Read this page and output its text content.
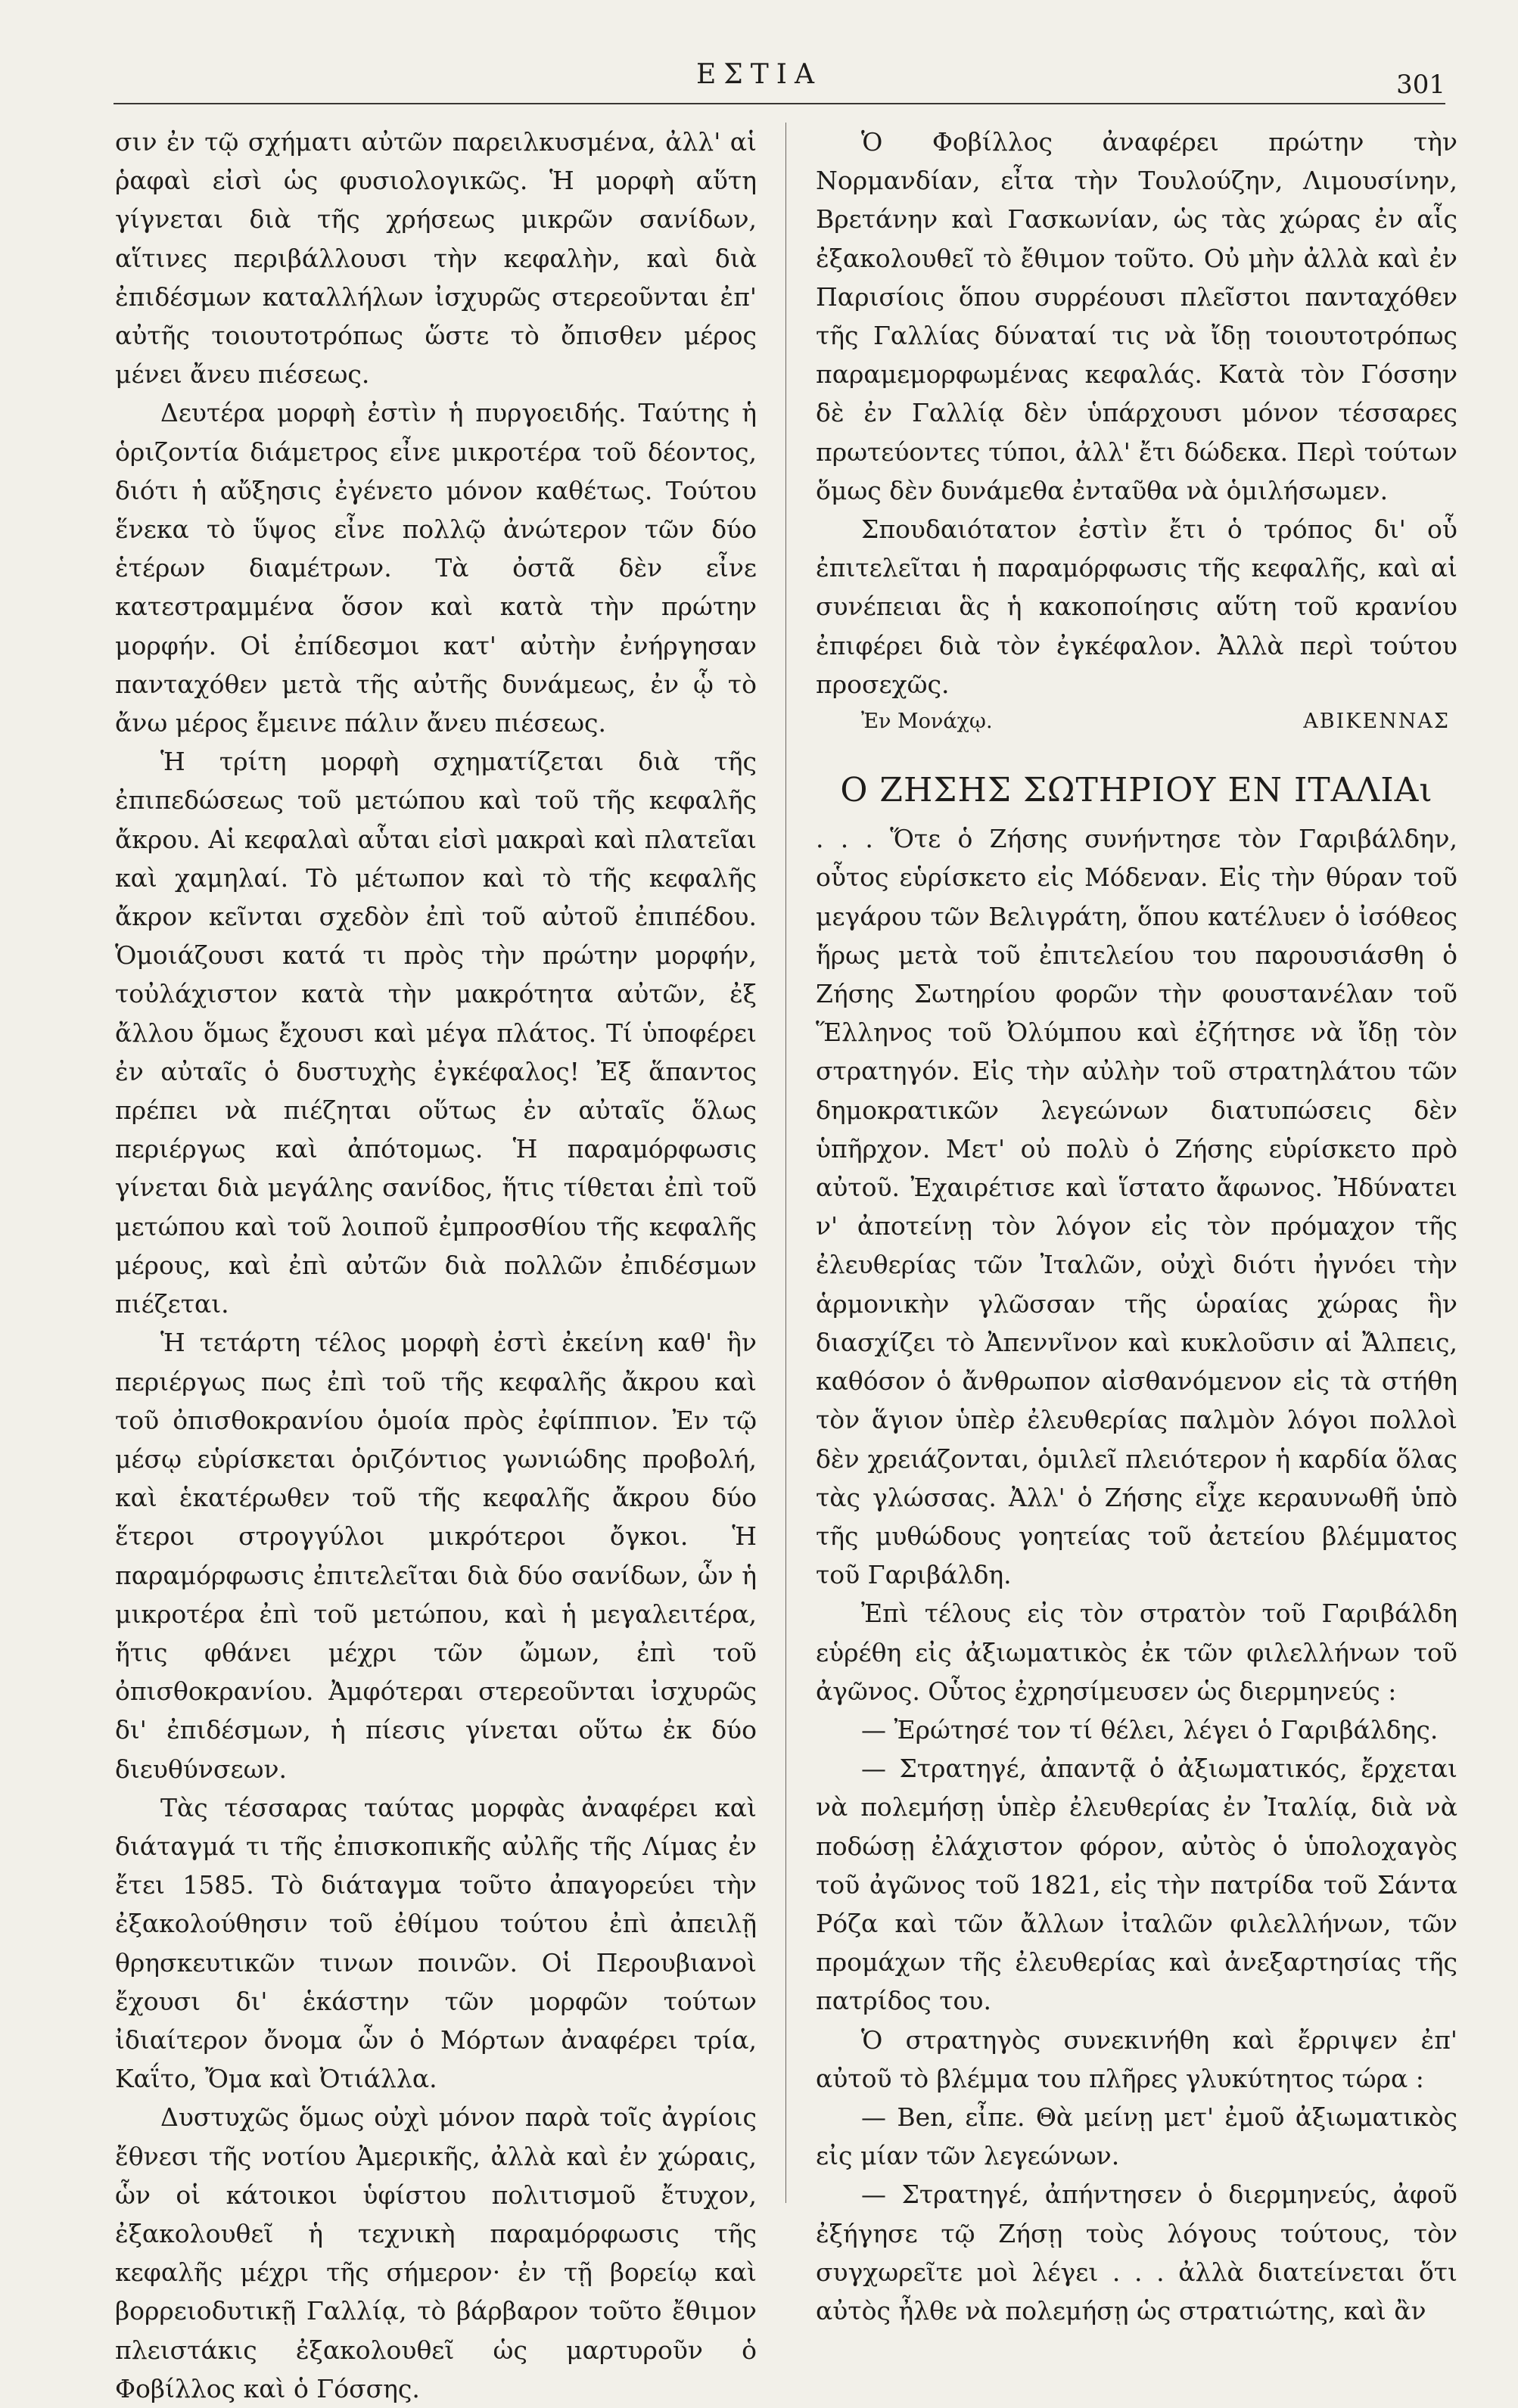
ΕΣΤΙΑ	301

σιν ἐν τῷ σχήματι αὐτῶν παρειλκυσμένα, ἀλλ' αἱ ῥαφαὶ εἰσὶ ὡς φυσιολογικῶς. Ἡ μορφὴ αὕτη γίγνεται διὰ τῆς χρήσεως μικρῶν σανίδων, αἵτινες περιβάλλουσι τὴν κεφαλὴν, καὶ διὰ ἐπιδέσμων καταλλήλων ἰσχυρῶς στερεοῦνται ἐπ' αὐτῆς τοιουτοτρόπως ὥστε τὸ ὄπισθεν μέρος μένει ἄνευ πιέσεως.

Δευτέρα μορφὴ ἐστὶν ἡ πυργοειδής. Ταύτης ἡ ὁριζοντία διάμετρος εἶνε μικροτέρα τοῦ δέοντος, διότι ἡ αὔξησις ἐγένετο μόνον καθέτως. Τούτου ἕνεκα τὸ ὕψος εἶνε πολλῷ ἀνώτερον τῶν δύο ἑτέρων διαμέτρων. Τὰ ὀστᾶ δὲν εἶνε κατεστραμμένα ὅσον καὶ κατὰ τὴν πρώτην μορφήν. Οἱ ἐπίδεσμοι κατ' αὐτὴν ἐνήργησαν πανταχόθεν μετὰ τῆς αὐτῆς δυνάμεως, ἐν ᾧ τὸ ἄνω μέρος ἔμεινε πάλιν ἄνευ πιέσεως.

Ἡ τρίτη μορφὴ σχηματίζεται διὰ τῆς ἐπιπεδώσεως τοῦ μετώπου καὶ τοῦ τῆς κεφαλῆς ἄκρου. Αἱ κεφαλαὶ αὗται εἰσὶ μακραὶ καὶ πλατεῖαι καὶ χαμηλαί. Τὸ μέτωπον καὶ τὸ τῆς κεφαλῆς ἄκρον κεῖνται σχεδὸν ἐπὶ τοῦ αὐτοῦ ἐπιπέδου. Ὁμοιάζουσι κατά τι πρὸς τὴν πρώτην μορφήν, τοὐλάχιστον κατὰ τὴν μακρότητα αὐτῶν, ἐξ ἄλλου ὅμως ἔχουσι καὶ μέγα πλάτος. Τί ὑποφέρει ἐν αὐταῖς ὁ δυστυχὴς ἐγκέφαλος! Ἐξ ἅπαντος πρέπει νὰ πιέζηται οὕτως ἐν αὐταῖς ὅλως περιέργως καὶ ἀπότομως. Ἡ παραμόρφωσις γίνεται διὰ μεγάλης σανίδος, ἥτις τίθεται ἐπὶ τοῦ μετώπου καὶ τοῦ λοιποῦ ἐμπροσθίου τῆς κεφαλῆς μέρους, καὶ ἐπὶ αὐτῶν διὰ πολλῶν ἐπιδέσμων πιέζεται.

Ἡ τετάρτη τέλος μορφὴ ἐστὶ ἐκείνη καθ' ἣν περιέργως πως ἐπὶ τοῦ τῆς κεφαλῆς ἄκρου καὶ τοῦ ὀπισθοκρανίου ὁμοία πρὸς ἐφίππιον. Ἐν τῷ μέσῳ εὑρίσκεται ὁριζόντιος γωνιώδης προβολή, καὶ ἑκατέρωθεν τοῦ τῆς κεφαλῆς ἄκρου δύο ἕτεροι στρογγύλοι μικρότεροι ὄγκοι. Ἡ παραμόρφωσις ἐπιτελεῖται διὰ δύο σανίδων, ὧν ἡ μικροτέρα ἐπὶ τοῦ μετώπου, καὶ ἡ μεγαλειτέρα, ἥτις φθάνει μέχρι τῶν ὤμων, ἐπὶ τοῦ ὀπισθοκρανίου. Ἀμφότεραι στερεοῦνται ἰσχυρῶς δι' ἐπιδέσμων, ἡ πίεσις γίνεται οὕτω ἐκ δύο διευθύνσεων.

Τὰς τέσσαρας ταύτας μορφὰς ἀναφέρει καὶ διάταγμά τι τῆς ἐπισκοπικῆς αὐλῆς τῆς Λίμας ἐν ἔτει 1585. Τὸ διάταγμα τοῦτο ἀπαγορεύει τὴν ἐξακολούθησιν τοῦ ἐθίμου τούτου ἐπὶ ἀπειλῇ θρησκευτικῶν τινων ποινῶν. Οἱ Περουβιανοὶ ἔχουσι δι' ἑκάστην τῶν μορφῶν τούτων ἰδιαίτερον ὄνομα ὧν ὁ Μόρτων ἀναφέρει τρία, Καΐτο, Ὄμα καὶ Ὀτιάλλα.

Δυστυχῶς ὅμως οὐχὶ μόνον παρὰ τοῖς ἀγρίοις ἔθνεσι τῆς νοτίου Ἀμερικῆς, ἀλλὰ καὶ ἐν χώραις, ὧν οἱ κάτοικοι ὑφίστου πολιτισμοῦ ἔτυχον, ἐξακολουθεῖ ἡ τεχνικὴ παραμόρφωσις τῆς κεφαλῆς μέχρι τῆς σήμερον· ἐν τῇ βορείῳ καὶ βορρειοδυτικῇ Γαλλίᾳ, τὸ βάρβαρον τοῦτο ἔθιμον πλειστάκις ἐξακολουθεῖ ὡς μαρτυροῦν ὁ Φοβίλλος καὶ ὁ Γόσσης.

Ὁ Φοβίλλος ἀναφέρει πρώτην τὴν Νορμανδίαν, εἶτα τὴν Τουλούζην, Λιμουσίνην, Βρετάνην καὶ Γασκωνίαν, ὡς τὰς χώρας ἐν αἷς ἐξακολουθεῖ τὸ ἔθιμον τοῦτο. Οὐ μὴν ἀλλὰ καὶ ἐν Παρισίοις ὅπου συρρέουσι πλεῖστοι πανταχόθεν τῆς Γαλλίας δύναταί τις νὰ ἴδῃ τοιουτοτρόπως παραμεμορφωμένας κεφαλάς. Κατὰ τὸν Γόσσην δὲ ἐν Γαλλίᾳ δὲν ὑπάρχουσι μόνον τέσσαρες πρωτεύοντες τύποι, ἀλλ' ἔτι δώδεκα. Περὶ τούτων ὅμως δὲν δυνάμεθα ἐνταῦθα νὰ ὁμιλήσωμεν.

Σπουδαιότατον ἐστὶν ἔτι ὁ τρόπος δι' οὗ ἐπιτελεῖται ἡ παραμόρφωσις τῆς κεφαλῆς, καὶ αἱ συνέπειαι ἃς ἡ κακοποίησις αὕτη τοῦ κρανίου ἐπιφέρει διὰ τὸν ἐγκέφαλον. Ἀλλὰ περὶ τούτου προσεχῶς.

Ἐν Μονάχῳ.	ΑΒΙΚΕΝΝΑΣ
Ο ΖΗΣΗΣ ΣΩΤΗΡΙΟΥ ΕΝ ΙΤΑΛΙΑι

. . . Ὅτε ὁ Ζήσης συνήντησε τὸν Γαριβάλδην, οὗτος εὑρίσκετο εἰς Μόδεναν. Εἰς τὴν θύραν τοῦ μεγάρου τῶν Βελιγράτη, ὅπου κατέλυεν ὁ ἰσόθεος ἥρως μετὰ τοῦ ἐπιτελείου του παρουσιάσθη ὁ Ζήσης Σωτηρίου φορῶν τὴν φουστανέλαν τοῦ Ἕλληνος τοῦ Ὀλύμπου καὶ ἐζήτησε νὰ ἴδῃ τὸν στρατηγόν. Εἰς τὴν αὐλὴν τοῦ στρατηλάτου τῶν δημοκρατικῶν λεγεώνων διατυπώσεις δὲν ὑπῆρχον. Μετ' οὐ πολὺ ὁ Ζήσης εὑρίσκετο πρὸ αὐτοῦ. Ἐχαιρέτισε καὶ ἵστατο ἄφωνος. Ἠδύνατει ν' ἀποτείνῃ τὸν λόγον εἰς τὸν πρόμαχον τῆς ἐλευθερίας τῶν Ἰταλῶν, οὐχὶ διότι ἠγνόει τὴν ἁρμονικὴν γλῶσσαν τῆς ὡραίας χώρας ἣν διασχίζει τὸ Ἀπεννῖνον καὶ κυκλοῦσιν αἱ Ἄλπεις, καθόσον ὁ ἄνθρωπον αἰσθανόμενον εἰς τὰ στήθη τὸν ἅγιον ὑπὲρ ἐλευθερίας παλμὸν λόγοι πολλοὶ δὲν χρειάζονται, ὁμιλεῖ πλειότερον ἡ καρδία ὅλας τὰς γλώσσας. Ἀλλ' ὁ Ζήσης εἶχε κεραυνωθῆ ὑπὸ τῆς μυθώδους γοητείας τοῦ ἀετείου βλέμματος τοῦ Γαριβάλδη.

Ἐπὶ τέλους εἰς τὸν στρατὸν τοῦ Γαριβάλδη εὑρέθη εἰς ἀξιωματικὸς ἐκ τῶν φιλελλήνων τοῦ ἀγῶνος. Οὗτος ἐχρησίμευσεν ὡς διερμηνεύς :

— Ἐρώτησέ τον τί θέλει, λέγει ὁ Γαριβάλδης.

— Στρατηγέ, ἀπαντᾷ ὁ ἀξιωματικός, ἔρχεται νὰ πολεμήσῃ ὑπὲρ ἐλευθερίας ἐν Ἰταλίᾳ, διὰ νὰ ποδώσῃ ἐλάχιστον φόρον, αὐτὸς ὁ ὑπολοχαγὸς τοῦ ἀγῶνος τοῦ 1821, εἰς τὴν πατρίδα τοῦ Σάντα Ρόζα καὶ τῶν ἄλλων ἰταλῶν φιλελλήνων, τῶν προμάχων τῆς ἐλευθερίας καὶ ἀνεξαρτησίας τῆς πατρίδος του.

Ὁ στρατηγὸς συνεκινήθη καὶ ἔρριψεν ἐπ' αὐτοῦ τὸ βλέμμα του πλῆρες γλυκύτητος τώρα :

— Ben, εἶπε. Θὰ μείνῃ μετ' ἐμοῦ ἀξιωματικὸς εἰς μίαν τῶν λεγεώνων.

— Στρατηγέ, ἀπήντησεν ὁ διερμηνεύς, ἀφοῦ ἐξήγησε τῷ Ζήσῃ τοὺς λόγους τούτους, τὸν συγχωρεῖτε μοὶ λέγει . . . ἀλλὰ διατείνεται ὅτι αὐτὸς ἦλθε νὰ πολεμήσῃ ὡς στρατιώτης, καὶ ἂν
